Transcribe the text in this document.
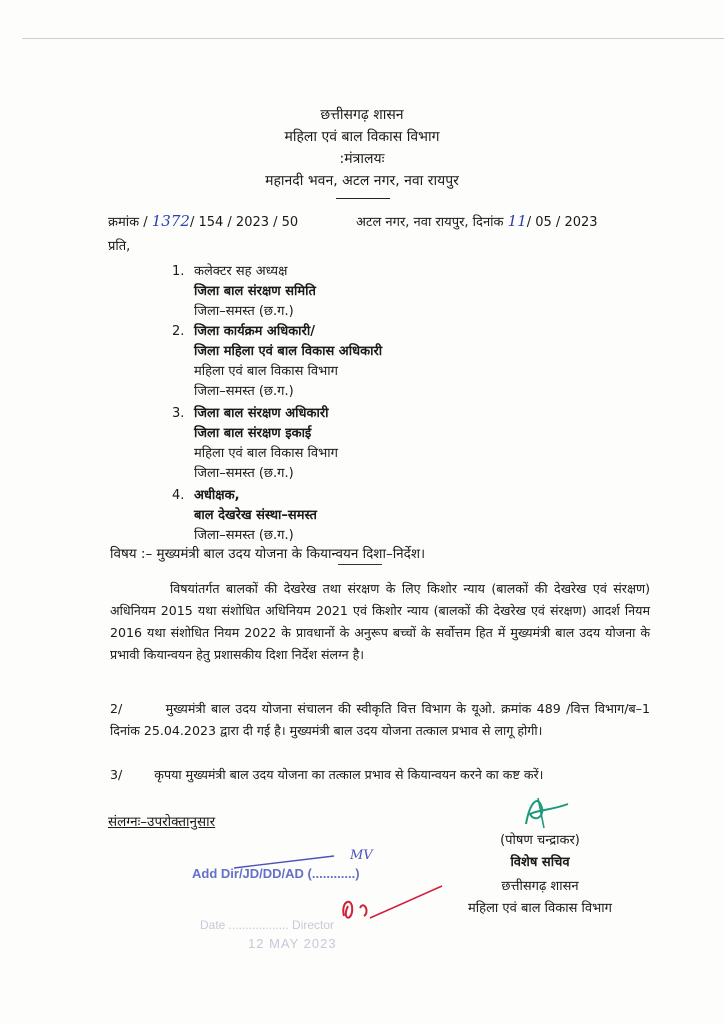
छत्तीसगढ़ शासन
महिला एवं बाल विकास विभाग
:मंत्रालयः
महानदी भवन, अटल नगर, नवा रायपुर
क्रमांक / 1372/ 154 / 2023 / 50	अटल नगर, नवा रायपुर, दिनांक 11/ 05 / 2023
प्रति,
1. कलेक्टर सह अध्यक्ष
जिला बाल संरक्षण समिति
जिला–समस्त (छ.ग.)
2. जिला कार्यक्रम अधिकारी/
जिला महिला एवं बाल विकास अधिकारी
महिला एवं बाल विकास विभाग
जिला–समस्त (छ.ग.)
3. जिला बाल संरक्षण अधिकारी
जिला बाल संरक्षण इकाई
महिला एवं बाल विकास विभाग
जिला–समस्त (छ.ग.)
4. अधीक्षक,
बाल देखरेख संस्था–समस्त
जिला–समस्त (छ.ग.)
विषय :– मुख्यमंत्री बाल उदय योजना के कियान्वयन दिशा–निर्देश।
विषयांतर्गत बालकों की देखरेख तथा संरक्षण के लिए किशोर न्याय (बालकों की देखरेख एवं संरक्षण) अधिनियम 2015 यथा संशोधित अधिनियम 2021 एवं किशोर न्याय (बालकों की देखरेख एवं संरक्षण) आदर्श नियम 2016 यथा संशोधित नियम 2022 के प्रावधानों के अनुरूप बच्चों के सर्वोत्तम हित में मुख्यमंत्री बाल उदय योजना के प्रभावी कियान्वयन हेतु प्रशासकीय दिशा निर्देश संलग्न है।
2/        मुख्यमंत्री बाल उदय योजना संचालन की स्वीकृति वित्त विभाग के यूओ. क्रमांक 489 /वित्त विभाग/ब–1 दिनांक 25.04.2023 द्वारा दी गई है। मुख्यमंत्री बाल उदय योजना तत्काल प्रभाव से लागू होगी।
3/        कृपया मुख्यमंत्री बाल उदय योजना का तत्काल प्रभाव से कियान्वयन करने का कष्ट करें।
संलग्नः–उपरोक्तानुसार
(पोषण चन्द्राकर)
विशेष सचिव
छत्तीसगढ़ शासन
महिला एवं बाल विकास विभाग
Add Dir/JD/DD/AD (............)
MV
Date .................. Director
12 MAY 2023
